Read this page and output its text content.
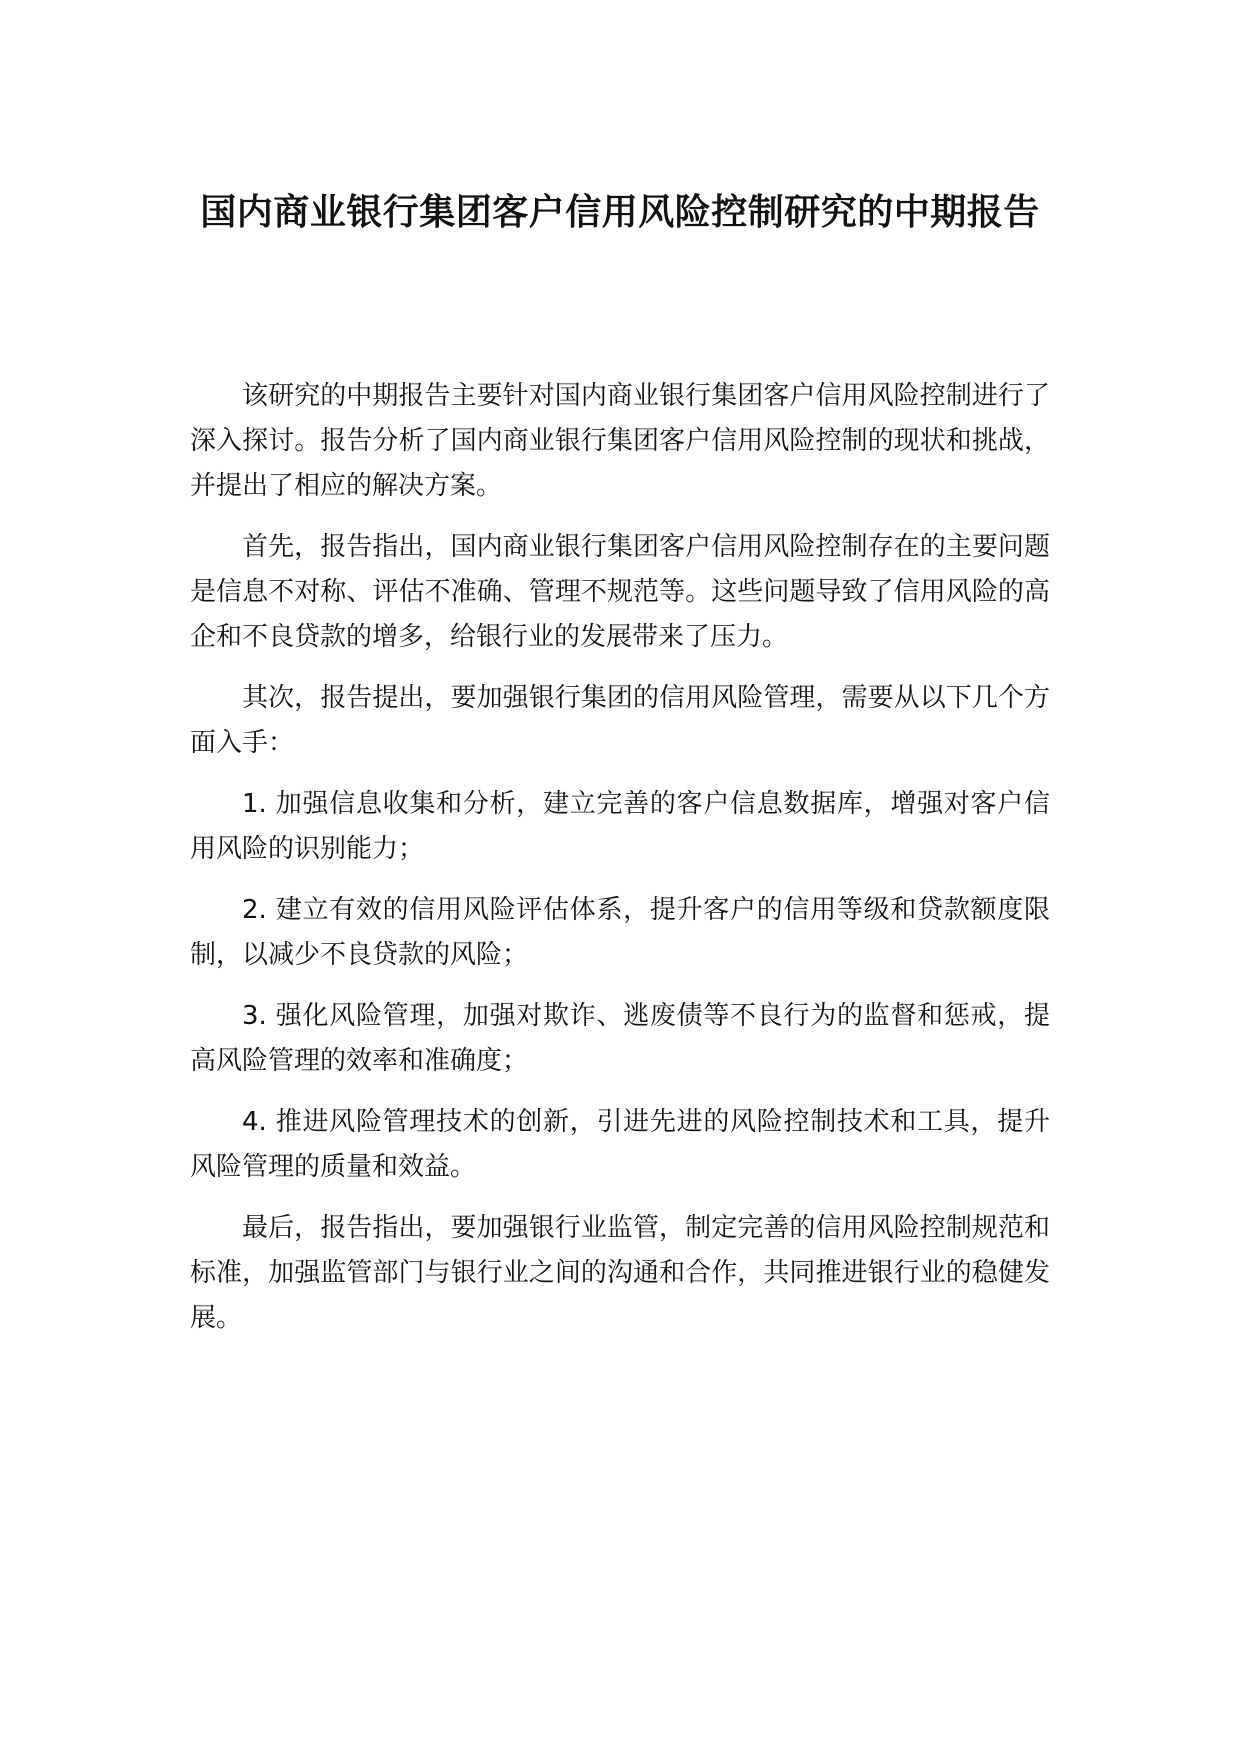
国内商业银行集团客户信用风险控制研究的中期报告

该研究的中期报告主要针对国内商业银行集团客户信用风险控制进行了深入探讨。报告分析了国内商业银行集团客户信用风险控制的现状和挑战，并提出了相应的解决方案。

首先，报告指出，国内商业银行集团客户信用风险控制存在的主要问题是信息不对称、评估不准确、管理不规范等。这些问题导致了信用风险的高企和不良贷款的增多，给银行业的发展带来了压力。

其次，报告提出，要加强银行集团的信用风险管理，需要从以下几个方面入手：

1. 加强信息收集和分析，建立完善的客户信息数据库，增强对客户信用风险的识别能力；

2. 建立有效的信用风险评估体系，提升客户的信用等级和贷款额度限制，以减少不良贷款的风险；

3. 强化风险管理，加强对欺诈、逃废债等不良行为的监督和惩戒，提高风险管理的效率和准确度；

4. 推进风险管理技术的创新，引进先进的风险控制技术和工具，提升风险管理的质量和效益。

最后，报告指出，要加强银行业监管，制定完善的信用风险控制规范和标准，加强监管部门与银行业之间的沟通和合作，共同推进银行业的稳健发展。
